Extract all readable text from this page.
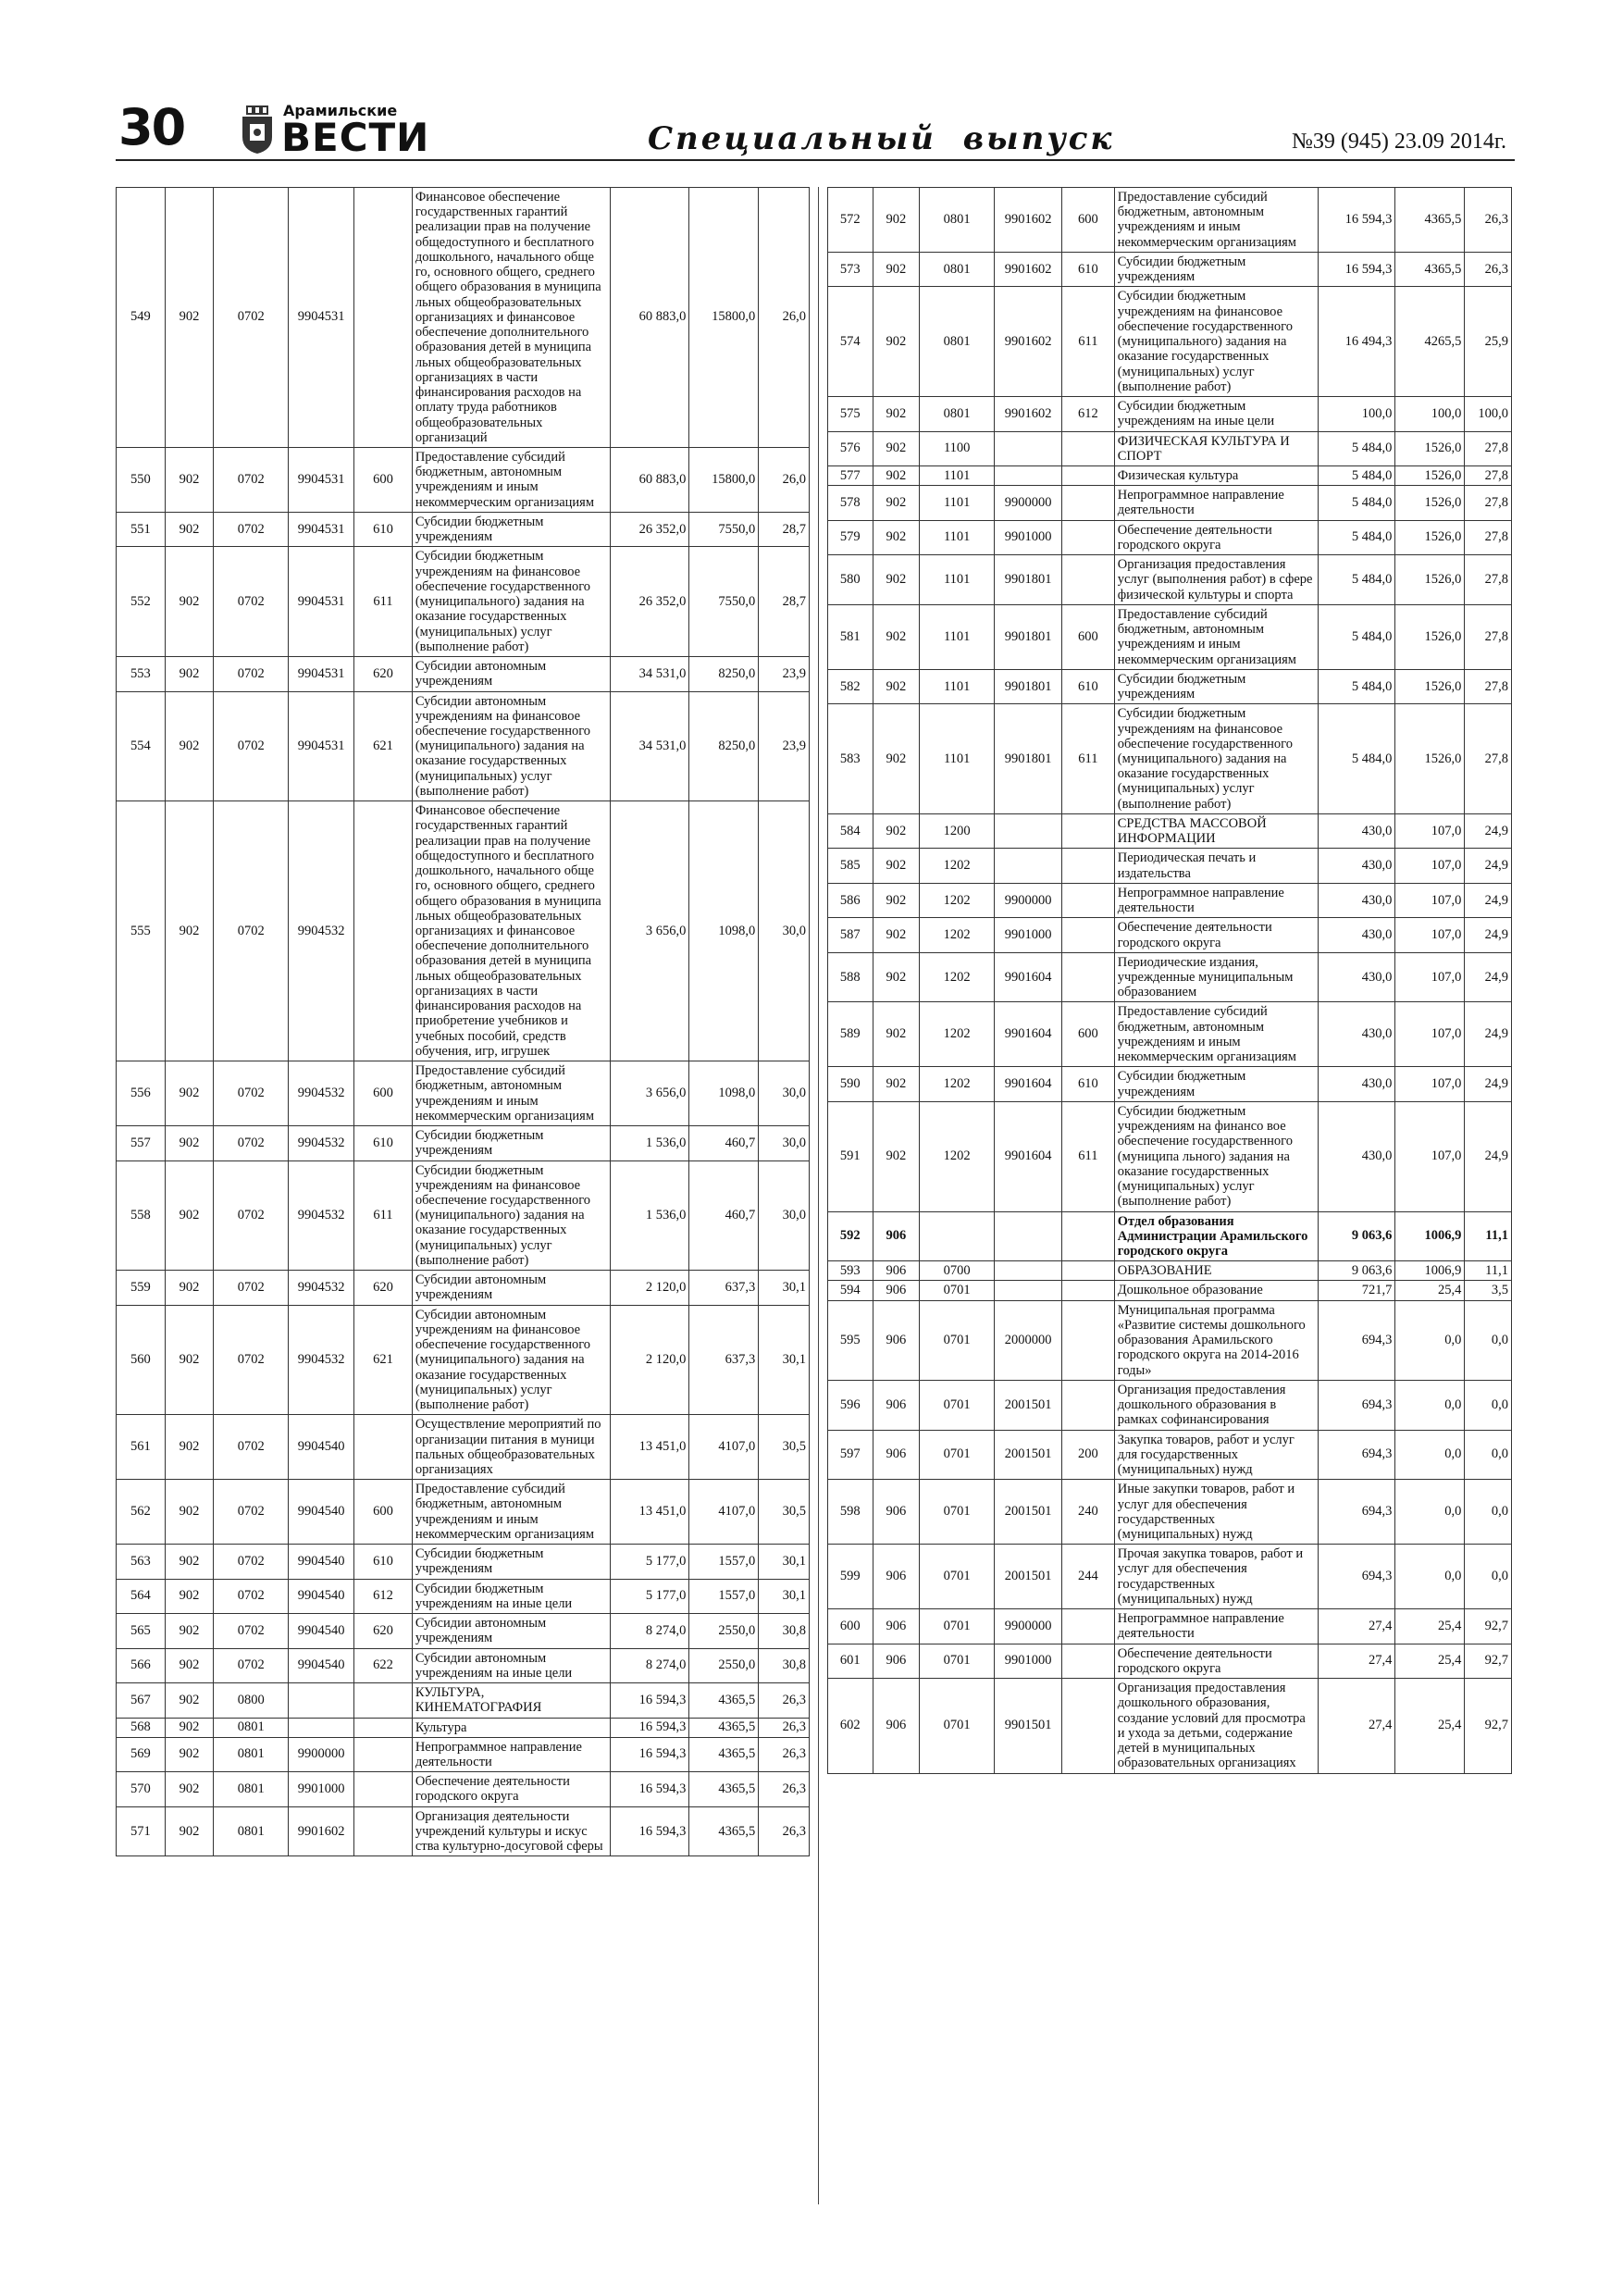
30	Арамильские
ВЕСТИ	Специальный выпуск	№39 (945) 23.09 2014г.
549	902	0702	9904531		Финансовое обеспечение государственных гарантий реализации прав на получение общедоступного и бесплатного дошкольного, начального обще го, основного общего, среднего общего образования в муниципа льных общеобразовательных организациях и финансовое обеспечение дополнительного образования детей в муниципа льных общеобразовательных организациях в части финансирования расходов на оплату труда работников общеобразовательных организаций	60 883,0	15800,0	26,0
550	902	0702	9904531	600	Предоставление субсидий бюджетным, автономным учреждениям и иным некоммерческим организациям	60 883,0	15800,0	26,0
551	902	0702	9904531	610	Субсидии бюджетным учреждениям	26 352,0	7550,0	28,7
552	902	0702	9904531	611	Субсидии бюджетным учреждениям на финансовое обеспечение государственного (муниципального) задания на оказание государственных (муниципальных) услуг (выполнение работ)	26 352,0	7550,0	28,7
553	902	0702	9904531	620	Субсидии автономным учреждениям	34 531,0	8250,0	23,9
554	902	0702	9904531	621	Субсидии автономным учреждениям на финансовое обеспечение государственного (муниципального) задания на оказание государственных (муниципальных) услуг (выполнение работ)	34 531,0	8250,0	23,9
555	902	0702	9904532		Финансовое обеспечение государственных гарантий реализации прав на получение общедоступного и бесплатного дошкольного, начального обще го, основного общего, среднего общего образования в муниципа льных общеобразовательных организациях и финансовое обеспечение дополнительного образования детей в муниципа льных общеобразовательных организациях в части финансирования расходов на приобретение учебников и учебных пособий, средств обучения, игр, игрушек	3 656,0	1098,0	30,0
556	902	0702	9904532	600	Предоставление субсидий бюджетным, автономным учреждениям и иным некоммерческим организациям	3 656,0	1098,0	30,0
557	902	0702	9904532	610	Субсидии бюджетным учреждениям	1 536,0	460,7	30,0
558	902	0702	9904532	611	Субсидии бюджетным учреждениям на финансовое обеспечение государственного (муниципального) задания на оказание государственных (муниципальных) услуг (выполнение работ)	1 536,0	460,7	30,0
559	902	0702	9904532	620	Субсидии автономным учреждениям	2 120,0	637,3	30,1
560	902	0702	9904532	621	Субсидии автономным учреждениям на финансовое обеспечение государственного (муниципального) задания на оказание государственных (муниципальных) услуг (выполнение работ)	2 120,0	637,3	30,1
561	902	0702	9904540		Осуществление мероприятий по организации питания в муници пальных общеобразовательных организациях	13 451,0	4107,0	30,5
562	902	0702	9904540	600	Предоставление субсидий бюджетным, автономным учреждениям и иным некоммерческим организациям	13 451,0	4107,0	30,5
563	902	0702	9904540	610	Субсидии бюджетным учреждениям	5 177,0	1557,0	30,1
564	902	0702	9904540	612	Субсидии бюджетным учреждениям на иные цели	5 177,0	1557,0	30,1
565	902	0702	9904540	620	Субсидии автономным учреждениям	8 274,0	2550,0	30,8
566	902	0702	9904540	622	Субсидии автономным учреждениям на иные цели	8 274,0	2550,0	30,8
567	902	0800			КУЛЬТУРА, КИНЕМАТОГРАФИЯ	16 594,3	4365,5	26,3
568	902	0801			Культура	16 594,3	4365,5	26,3
569	902	0801	9900000		Непрограммное направление деятельности	16 594,3	4365,5	26,3
570	902	0801	9901000		Обеспечение деятельности городского округа	16 594,3	4365,5	26,3
571	902	0801	9901602		Организация деятельности учреждений культуры и искус ства культурно-досуговой сферы	16 594,3	4365,5	26,3
572	902	0801	9901602	600	Предоставление субсидий бюджетным, автономным учреждениям и иным некоммерческим организациям	16 594,3	4365,5	26,3
573	902	0801	9901602	610	Субсидии бюджетным учреждениям	16 594,3	4365,5	26,3
574	902	0801	9901602	611	Субсидии бюджетным учреждениям на финансовое обеспечение государственного (муниципального) задания на оказание государственных (муниципальных) услуг (выполнение работ)	16 494,3	4265,5	25,9
575	902	0801	9901602	612	Субсидии бюджетным учреждениям на иные цели	100,0	100,0	100,0
576	902	1100			ФИЗИЧЕСКАЯ КУЛЬТУРА И СПОРТ	5 484,0	1526,0	27,8
577	902	1101			Физическая культура	5 484,0	1526,0	27,8
578	902	1101	9900000		Непрограммное направление деятельности	5 484,0	1526,0	27,8
579	902	1101	9901000		Обеспечение деятельности городского округа	5 484,0	1526,0	27,8
580	902	1101	9901801		Организация предоставления услуг (выполнения работ) в сфере физической культуры и спорта	5 484,0	1526,0	27,8
581	902	1101	9901801	600	Предоставление субсидий бюджетным, автономным учреждениям и иным некоммерческим организациям	5 484,0	1526,0	27,8
582	902	1101	9901801	610	Субсидии бюджетным учреждениям	5 484,0	1526,0	27,8
583	902	1101	9901801	611	Субсидии бюджетным учреждениям на финансовое обеспечение государственного (муниципального) задания на оказание государственных (муниципальных) услуг (выполнение работ)	5 484,0	1526,0	27,8
584	902	1200			СРЕДСТВА МАССОВОЙ ИНФОРМАЦИИ	430,0	107,0	24,9
585	902	1202			Периодическая печать и издательства	430,0	107,0	24,9
586	902	1202	9900000		Непрограммное направление деятельности	430,0	107,0	24,9
587	902	1202	9901000		Обеспечение деятельности городского округа	430,0	107,0	24,9
588	902	1202	9901604		Периодические издания, учрежденные муниципальным образованием	430,0	107,0	24,9
589	902	1202	9901604	600	Предоставление субсидий бюджетным, автономным учреждениям и иным некоммерческим организациям	430,0	107,0	24,9
590	902	1202	9901604	610	Субсидии бюджетным учреждениям	430,0	107,0	24,9
591	902	1202	9901604	611	Субсидии бюджетным учреждениям на финансо вое обеспечение государственного (муниципа льного) задания на оказание государственных (муниципальных) услуг (выполнение работ)	430,0	107,0	24,9
592	906				Отдел образования Администрации Арамильского городского округа	9 063,6	1006,9	11,1
593	906	0700			ОБРАЗОВАНИЕ	9 063,6	1006,9	11,1
594	906	0701			Дошкольное образование	721,7	25,4	3,5
595	906	0701	2000000		Муниципальная программа «Развитие системы дошкольного образования Арамильского городского округа на 2014-2016 годы»	694,3	0,0	0,0
596	906	0701	2001501		Организация предоставления дошкольного образования в рамках софинансирования	694,3	0,0	0,0
597	906	0701	2001501	200	Закупка товаров, работ и услуг для государственных (муниципальных) нужд	694,3	0,0	0,0
598	906	0701	2001501	240	Иные закупки товаров, работ и услуг для обеспечения государственных (муниципальных) нужд	694,3	0,0	0,0
599	906	0701	2001501	244	Прочая закупка товаров, работ и услуг для обеспечения государственных (муниципальных) нужд	694,3	0,0	0,0
600	906	0701	9900000		Непрограммное направление деятельности	27,4	25,4	92,7
601	906	0701	9901000		Обеспечение деятельности городского округа	27,4	25,4	92,7
602	906	0701	9901501		Организация предоставления дошкольного образования, создание условий для просмотра и ухода за детьми, содержание детей в муниципальных образовательных организациях	27,4	25,4	92,7
